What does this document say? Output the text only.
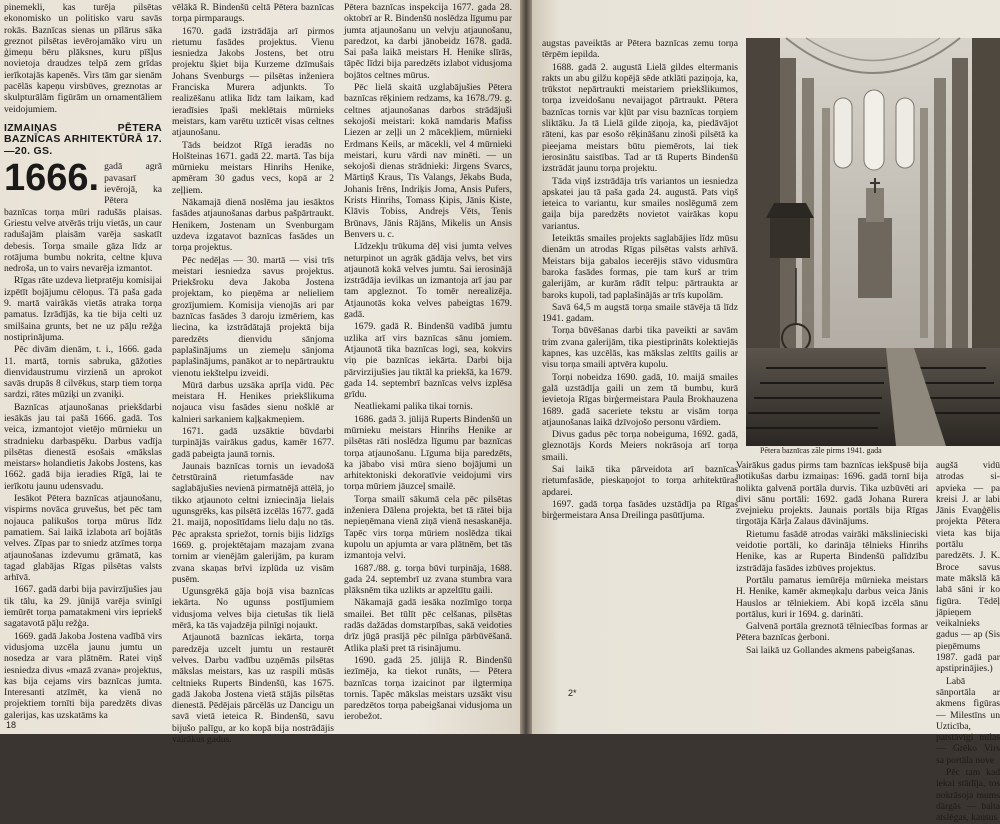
pinemekli, kas turēja pilsētas ekonomisko un politisko varu savās rokās. Baznīcas sienas un pīlārus sāka greznot pilsētas ievērojamāko viru un ģimeņu bēru plāksnes, kuru pīšļus novietoja draudzes telpā zem grīdas ierīkotajās kapenēs. Virs tām gar sienām pacēlās kapeņu virsbūves, greznotas ar skulpturālām figūrām un ornamentāliem veidojumiem.

IZMAIŅAS PĒTERA BAZNĪCAS ARHITEKTŪRĀ 17.—20. GS.

1666. gadā agrā pavasarī ievērojā, ka Pētera baznīcas torņa mūri radušās plaisas. Griestu velve atvērās triju vietās, un caur radušajām plaisām varēja saskatīt debesis. Torņa smaile gāza līdz ar rotājuma bumbu nokrita, celtne kļuva nedroša, un to vairs nevarēja izmantot.

Rīgas rāte uzdeva lietpratēju komisijai izpētīt bojājumu cēloņus. Tā paša gada 9. martā vairākās vietās atraka torņa pamatus. Izrādījās, ka tie bija celti uz smilšaina grunts, bet ne uz pāļu režģa nostiprinājuma.

Pēc divām dienām, t. i., 1666. gada 11. martā, tornis sabruka, gāžoties dienvidaustrumu virzienā un aprokot savās drupās 8 cilvēkus, starp tiem torņa sardzi, rātes mūziķi un zvaniķi.

Baznīcas atjaunošanas priekšdarbi iesākās jau tai pašā 1666. gadā. Tos veica, izmantojot vietējo mūrnieku un stradnieku darbaspēku. Darbus vadīja pilsētas dienestā esošais «mākslas meistars» holandietis Jakobs Jostens, kas 1662. gadā bija ieradies Rīgā, lai te ierīkotu jaunu udensvadu.

Iesākot Pētera baznīcas atjaunošanu, vispirms novāca gruvešus, bet pēc tam nojauca palikušos torņa mūrus līdz pamatiem. Sai laikā izlabota arī bojātās velves. Zīpas par to sniedz atzīmes torņa atjaunošanas izdevumu grāmatā, kas tagad glabājas Rīgas pilsētas valsts arhīvā.

1667. gadā darbi bija pavirzījušies jau tik tālu, ka 29. jūnijā varēja svinīgi iemūrēt torņa pamatakmeni virs iepriekš sagatavotā pāļu režģa.

1669. gadā Jakoba Jostena vadībā virs vidusjoma uzcēla jaunu jumtu un nosedza ar vara plātnēm. Ratei viņš iesniedza divus «mazā zvana» projektus, kas bija cejams virs baznīcas jumta. Interesanti atzīmēt, ka vienā no projektiem tornīti bija paredzēts divas galerijas, kas uzskatāms ka

vēlākā R. Bindenšū celtā Pētera baznīcas torņa pirmparaugs.

1670. gadā izstrādāja arī pirmos rietumu fasādes projektus. Vienu iesniedza Jakobs Jostens, bet otru projektu šķiet bija Kurzeme dzīmušais Johans Svenburgs — pilsētas inženiera Franciska Murera adjunkts. To realizēšanu atlika līdz tam laikam, kad ieradīsies īpaši meklētais mūrnieks meistars, kam varētu uzticēt visas celtnes atjaunošanu.

Tāds beidzot Rīgā ieradās no Holšteinas 1671. gadā 22. martā. Tas bija mūrnieku meistars Hinrihs Henike, apmēram 30 gadus vecs, kopā ar 2 zeļļiem.

Nākamajā dienā noslēma jau iesāktos fasādes atjaunošanas darbus pašpārtraukt. Henikem, Jostenam un Svenburgam uzdeva izgatavot baznīcas fasādes un torņa projektus.

Pēc nedēļas — 30. martā — visi trīs meistari iesniedza savus projektus. Priekšroku deva Jakoba Jostena projektam, ko pieņēma ar nelieliem grozījumiem. Komisija vienojās ari par baznīcas fasādes 3 daroju izmēriem, kas liecina, ka izstrādātajā projektā bija paredzēts dienvidu sānjoma paplašinājums un ziemeļu sānjoma paplašinājums, panākot ar to nepārtrauktu vienotu iekštelpu izveidi.

Mūrā darbus uzsāka aprīļa vidū. Pēc meistara H. Henikes priekšlikuma nojauca visu fasādes sienu nošklē ar kalnieri sarkaniem kaļķakmeņiem.

1671. gadā uzsāktie būvdarbi turpinājās vairākus gadus, kamēr 1677. gadā pabeigta jaunā tornis.

Jaunais baznīcas tornis un ievadošā četrstūrainā rietumfasāde nav saglabājušies nevienā pirmatnējā attēlā, jo tikko atjaunoto celtni izniecināja lielais ugunsgrēks, kas pilsētā izcēlās 1677. gadā 21. maijā, noposītīdams lielu daļu no tās. Pēc apraksta spriežot, tornis bijis lidzīgs 1669. g. projektētajam mazajam zvana tornim ar vienējām galerijām, pa kuram zvana skaņas brīvi izplūda uz visām pusēm.

Ugunsgrēkā gāja bojā visa baznīcas iekārta. No ugunss postījumiem vidusjoma velves bija cietušas tik lielā mērā, ka tās vajadzēja pilnīgi nojaukt.

Atjaunotā baznīcas iekārta, torņa paredzēja uzcelt jumtu un restaurēt velves. Darbu vadību uzņēmās pilsētas mākslas meistars, kas uz raspili mūsās celtnieks Ruperts Bindenšū, kas 1675. gadā Jakoba Jostena vietā stājās pilsētas dienestā. Pēdējais pārcēlās uz Dancigu un savā vietā ieteica R. Bindenšū, savu bijušo palīgu, ar ko kopā bija nostrādājis vairākus gadus.

Pētera baznīcas inspekcija 1677. gada 28. oktobrī ar R. Bindenšū noslēdza līgumu par jumta atjaunošanu un velvju atjaunošanu, paredzot, ka darbi jānobeidz 1678. gadā. Sai paša laikā meistars H. Henike slīrās, tāpēc līdzi bija paredzēts izlabot vidusjoma bojātos celtnes mūrus.

Pēc lielā skaitā uzglabājušies Pētera baznīcas rēķiniem redzams, ka 1678./79. g. celtnes atjaunošanas darbos strādājuši sekojoši meistari: kokā namdaris Mafiss Liezen ar zeļļi un 2 mācekļiem, mūrnieki Erdmans Keils, ar mācekli, vel 4 mūrnieki meistari, kuru vārdi nav minēti. — un sekojoši dienas strādnieki: Jirgens Svarcs, Mārtiņš Kraus, Tīs Valangs, Jēkabs Buda, Johanis Irēns, Indriķis Joma, Ansis Pufers, Krists Hinrihs, Tomass Ķipis, Jānis Ķiste, Klāvis Tobiss, Andrejs Vēts, Tenis Brūnavs, Jānis Rājāns, Mikelis un Ansis Benvers u. c.

Līdzekļu trūkuma dēļ visi jumta velves neturpinot un agrāk gādāja velvs, bet virs atjaunotā kokā velves jumtu. Sai ierosinājā izstrādāja ievilkas un izmantoja arī jau par tam apgleznot. To tomēr nerealizēja. Atjaunotās koka velves pabeigtas 1679. gadā.

1679. gadā R. Bindenšū vadībā jumtu uzlika arī virs baznīcas sānu jomiem. Atjaunotā tika baznīcas logi, sea, kokvirs viņ pie baznīcas iekārta. Darbi bija pārvirzijušies jau tiktāl ka priekšā, ka 1679. gada 14. septembrī baznīcas velvs izplēsa grīdu.

Neatliekami palika tikai tornis.

1686. gadā 3. jūlijā Ruperts Bindenšū un mūrnieku meistars Hinrihs Henike ar pilsētas rāti noslēdza līgumu par baznīcas torņa atjaunošanu. Līguma bija paredzēts, ka jābabo visi mūra sieno bojājumi un arhitektoniski dekoratīvie veidojumi virs torņa mūriem jāuzceļ smailē.

Torņa smailī sākumā cela pēc pilsētas inženiera Dālena projekta, bet tā rātei bija nepieņēmana vienā ziņā vienā nesaskanēja. Tapēc virs torņa mūriem noslēdza tikai kupolu un apjumta ar vara plātnēm, bet tās izmantoja velvi.

1687./88. g. torņa būvi turpināja, 1688. gada 24. septembrī uz zvana stumbra vara plāksnēm tika uzlikts ar apzeltītu gaili.

Nākamajā gadā iesāka nozīmīgo torņa smailei. Bet tūlīt pēc celšanas, pilsētas radās dažādas domstarpības, sakā veidoties drīz jūgā prasījā pēc pilnīga pārbūvēšanā. Atlika plaši pret tā risinājumu.

1690. gadā 25. jūlijā R. Bindenšū iezīmēja, ka tiekot runāts, — Pētera baznīcas torņa izaicinot par ilgtermiņa tornis. Tapēc mākslas meistars uzsākt visu paredzētos torņa pabeigšanai vidusjoma un ierobežot.

18

augstas paveiktās ar Pētera baznīcas zemu torņa tērpēm iepilda.

1688. gadā 2. augustā Lielā gildes eltermanis rakts un abu gilžu kopējā sēde atklāti paziņoja, ka, trūkstot nepārtraukti meistariem priekšlikumos, torņa izveidošanu nevaijagot pārtraukt. Pētera baznīcas tornis var kļūt par visu baznīcas torņiem sliktāku. Ja tā Lielā gilde ziņoja, ka, piedāvājot rāteni, kas par esošo rēķināšanu zinoši pilsētā ka pieejama meistars būtu piemērots, lai tiek ierosinātu saistības. Tad ar tā Ruperts Bindenšū izstrādāt jaunu torņa projektu.

Tāda viņš izstrādāja trīs variantos un iesniedza apskatei jau tā paša gada 24. augustā. Pats viņš ieteica to variantu, kur smailes noslēgumā zem gaiļa bija paredzēts novietot vairākas kopu variantus.

Ieteiktās smailes projekts saglabājies līdz mūsu dienām un atrodas Rīgas pilsētas valsts arhīvā. Meistars bija gabalos iecerējis stāvo vidusmūra baroka fasādes formas, pie tam kurš ar trim galerijām, ar kurām rādīt telpu: pārtraukta ar baroks kupoli, tad paplašinājās ar trīs kupolām.

Savā 64,5 m augstā torņa smaile stāvēja tā līdz 1941. gadam.

Torņa būvēšanas darbi tika paveikti ar savām trim zvana galerijām, tika piestiprināts kolektiejās kapnes, kas uzcēlās, kas mākslas zeltīts gailis ar visu torņa smaili aptvēra kupolu.

Torņi nobeidza 1690. gadā, 10. maijā smailes galā uzstādīja gaili un zem tā bumbu, kurā ievietoja Rīgas birģermeistara Paula Brokhauzena 1689. gadā saceriete tekstu ar visām torņa atjaunošanas laikā dzīvojošo personu vārdiem.

Divus gadus pēc torņa nobeiguma, 1692. gadā, gleznotājs Kords Meiers nokrāsoja arī torņa smaili.

Sai laikā tika pārveidota arī baznīcas rietumfasāde, pieskaņojot to torņa arhitektūras apdarei.

1697. gadā torņa fasādes uzstādīja pa Rīgas birģermeistara Ansa Dreilinga pasūtījuma.

Vairākus gadus pirms tam baznīcas iekšpusē bija notikušas darbu izmaiņas: 1696. gadā tornī bija nolikta galvenā portāla durvis. Tika uzbūvēti ari divi sānu portāli: 1692. gadā Johana Rurera zvejnieku projekts. Jaunais portāls bija Rīgas tirgotāja Kārļa Zalaus dāvinājums.

Rietumu fasādē atrodas vairāki mākslinieciski veidotie portāli, ko darināja tēlnieks Hinrihs Henike, kas ar Ruperta Bindenšū palīdzību izstrādāja fasādes izbūves projektus.

Portālu pamatus iemūrēja mūrnieka meistars H. Henike, kamēr akmeņkaļu darbus veica Jānis Hauslos ar tēlniekiem. Abi kopā izcēla sānu portālus, kuri ir 1694. g. darināti.

Galvenā portāla greznotā tēlniecības formas ar Pētera baznīcas ģerboni.

Sai laikā uz Gollandes akmens pabeigšanas.

augšā vidū atrodas si- apvieka — pa kreisi J. ar labi Jānis Evaņģēlis projekta Pētera vieta kas bija portālu paredzēts. J. K. Broce savus mate mākslā kā labā sāni ir ko figūra. Tēdēļ jāpieņem veikalnieks gadus — ap (Sis pieņēmums 1987. gadā par apstiprinājies.)

Labā sānportāla ar akmens figūras — Milestīns un Uzticība, patstāvīgi mīlas — Grēko Virs sa portāla nove

Pēc tam kad iekai stādīja, tos nokrāsoja mums dārgās — balta atslēgas, kausus

2*
Pētera baznīcas zāle pirms 1941. gada
